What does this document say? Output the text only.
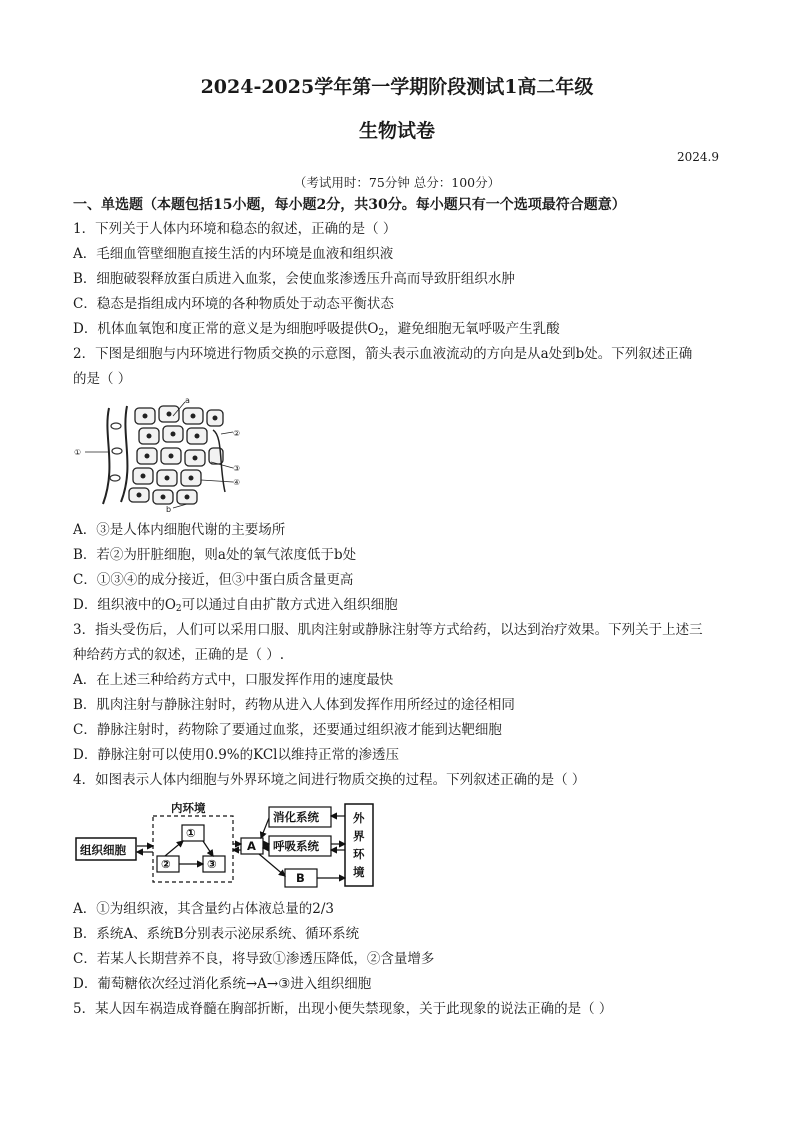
2024-2025学年第一学期阶段测试1高二年级
生物试卷
2024.9
（考试用时：75分钟 总分：100分）
一、单选题（本题包括15小题，每小题2分，共30分。每小题只有一个选项最符合题意）
1．下列关于人体内环境和稳态的叙述，正确的是（ ）
A．毛细血管壁细胞直接生活的内环境是血液和组织液
B．细胞破裂释放蛋白质进入血浆，会使血浆渗透压升高而导致肝组织水肿
C．稳态是指组成内环境的各种物质处于动态平衡状态
D．机体血氧饱和度正常的意义是为细胞呼吸提供$O_2$，避免细胞无氧呼吸产生乳酸
2．下图是细胞与内环境进行物质交换的示意图，箭头表示血液流动的方向是从a处到b处。下列叙述正确
的是（ ）
a
①
②
③
④
b
A．③是人体内细胞代谢的主要场所
B．若②为肝脏细胞，则a处的氧气浓度低于b处
C．①③④的成分接近，但③中蛋白质含量更高
D．组织液中的$O_2$可以通过自由扩散方式进入组织细胞
3．指头受伤后，人们可以采用口服、肌肉注射或静脉注射等方式给药，以达到治疗效果。下列关于上述三
种给药方式的叙述，正确的是（ ）.
A．在上述三种给药方式中，口服发挥作用的速度最快
B．肌肉注射与静脉注射时，药物从进入人体到发挥作用所经过的途径相同
C．静脉注射时，药物除了要通过血浆，还要通过组织液才能到达靶细胞
D．静脉注射可以使用0.9%的KCl以维持正常的渗透压
4．如图表示人体内细胞与外界环境之间进行物质交换的过程。下列叙述正确的是（ ）
组织细胞
内环境
①
②	③
A
消化系统
呼吸系统
B
外
界
环
境
A．①为组织液，其含量约占体液总量的2/3
B．系统A、系统B分别表示泌尿系统、循环系统
C．若某人长期营养不良，将导致①渗透压降低，②含量增多
D．葡萄糖依次经过消化系统→A→③进入组织细胞
5．某人因车祸造成脊髓在胸部折断，出现小便失禁现象，关于此现象的说法正确的是（ ）
